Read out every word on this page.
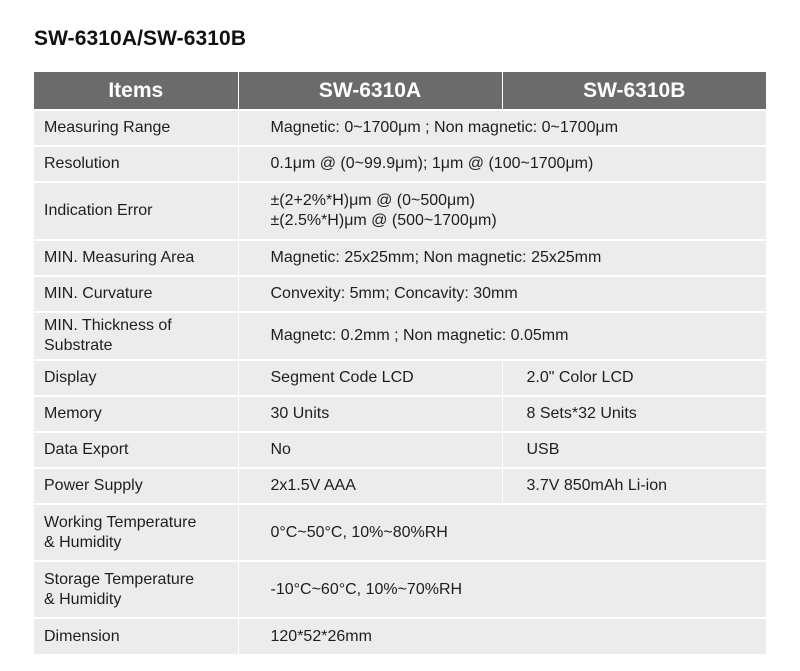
SW-6310A/SW-6310B
Items	SW-6310A	SW-6310B
Measuring Range	Magnetic: 0~1700μm ; Non magnetic: 0~1700μm	
Resolution	0.1μm @ (0~99.9μm); 1μm @ (100~1700μm)	
Indication Error	±(2+2%*H)μm @ (0~500μm)
±(2.5%*H)μm @ (500~1700μm)	
MIN. Measuring Area	Magnetic: 25x25mm; Non magnetic: 25x25mm	
MIN. Curvature	Convexity: 5mm; Concavity: 30mm	
MIN. Thickness of
Substrate	Magnetc: 0.2mm ; Non magnetic: 0.05mm	
Display	Segment Code LCD	2.0" Color LCD
Memory	30 Units	8 Sets*32 Units
Data Export	No	USB
Power Supply	2x1.5V AAA	3.7V 850mAh Li-ion
Working Temperature
& Humidity	0°C~50°C, 10%~80%RH	
Storage Temperature
& Humidity	-10°C~60°C, 10%~70%RH	
Dimension	120*52*26mm	
